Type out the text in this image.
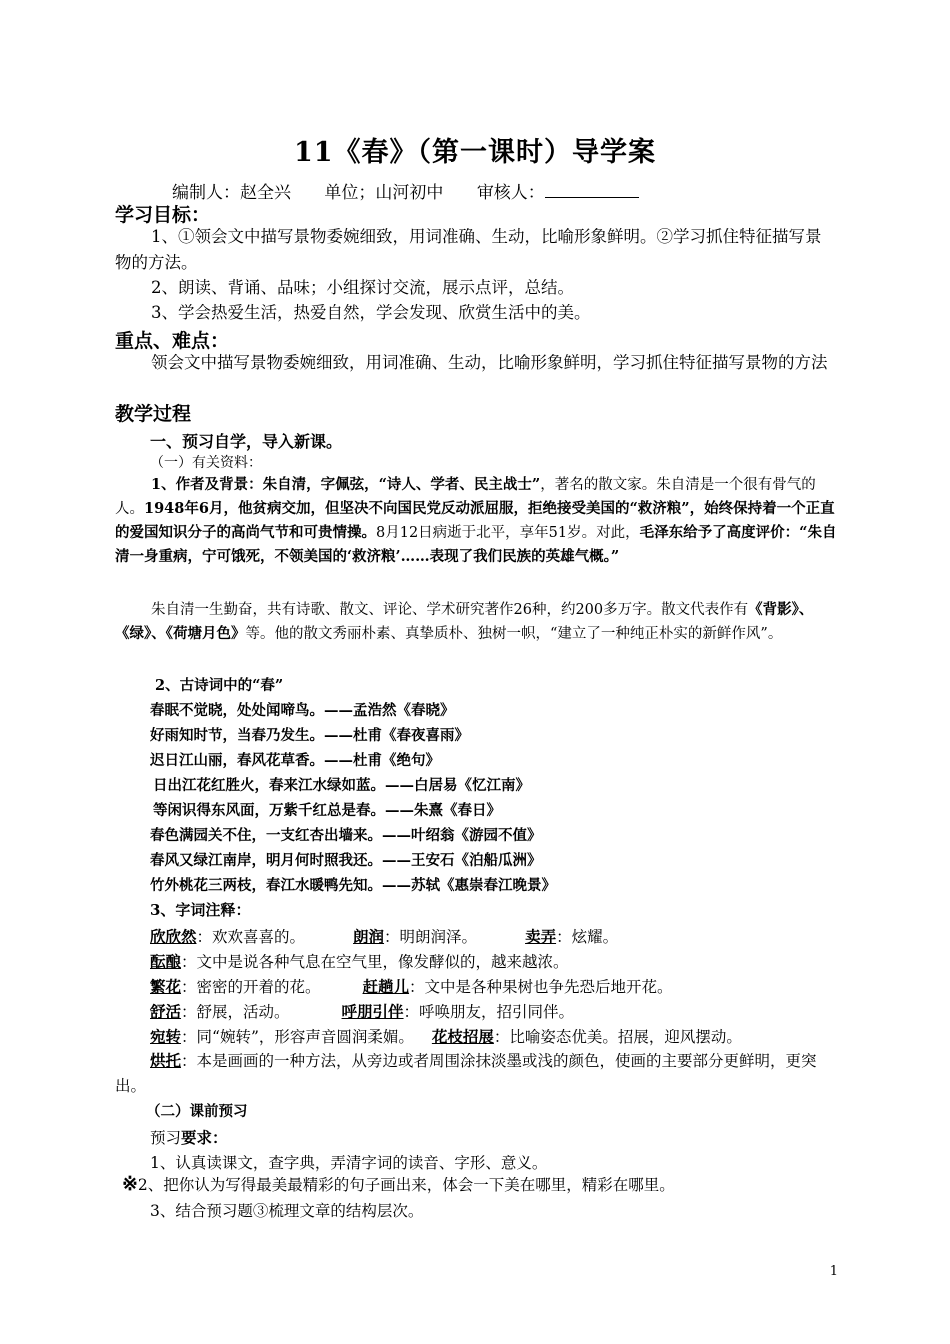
11《春》（第一课时）导学案
编制人：赵全兴 单位；山河初中 审核人：
学习目标：
1、①领会文中描写景物委婉细致，用词准确、生动，比喻形象鲜明。②学习抓住特征描写景物的方法。
2、朗读、背诵、品味；小组探讨交流，展示点评，总结。
3、学会热爱生活，热爱自然，学会发现、欣赏生活中的美。
重点、难点：
领会文中描写景物委婉细致，用词准确、生动，比喻形象鲜明，学习抓住特征描写景物的方法
教学过程
一、预习自学，导入新课。
（一）有关资料：
1、作者及背景：朱自清，字佩弦，“诗人、学者、民主战士”，著名的散文家。朱自清是一个很有骨气的人。1948年6月，他贫病交加，但坚决不向国民党反动派屈服，拒绝接受美国的“救济粮”，始终保持着一个正直的爱国知识分子的高尚气节和可贵情操。8月12日病逝于北平，享年51岁。对此，毛泽东给予了高度评价：“朱自清一身重病，宁可饿死，不领美国的‘救济粮’……表现了我们民族的英雄气概。”
朱自清一生勤奋，共有诗歌、散文、评论、学术研究著作26种，约200多万字。散文代表作有《背影》、《绿》、《荷塘月色》等。他的散文秀丽朴素、真挚质朴、独树一帜，“建立了一种纯正朴实的新鲜作风”。
2、古诗词中的“春”
春眠不觉晓，处处闻啼鸟。——孟浩然《春晓》
好雨知时节，当春乃发生。——杜甫《春夜喜雨》
迟日江山丽，春风花草香。——杜甫《绝句》
日出江花红胜火，春来江水绿如蓝。——白居易《忆江南》
等闲识得东风面，万紫千红总是春。——朱熹《春日》
春色满园关不住，一支红杏出墙来。——叶绍翁《游园不值》
春风又绿江南岸，明月何时照我还。——王安石《泊船瓜洲》
竹外桃花三两枝，春江水暖鸭先知。——苏轼《惠崇春江晚景》
3、字词注释：
欣欣然：欢欢喜喜的。	朗润：明朗润泽。	卖弄：炫耀。
酝酿：文中是说各种气息在空气里，像发酵似的，越来越浓。
繁花：密密的开着的花。	赶趟儿：文中是各种果树也争先恐后地开花。
舒活：舒展，活动。	呼朋引伴：呼唤朋友，招引同伴。
宛转：同“婉转”，形容声音圆润柔媚。 花枝招展：比喻姿态优美。招展，迎风摆动。
烘托：本是画画的一种方法，从旁边或者周围涂抹淡墨或浅的颜色，使画的主要部分更鲜明，更突出。
（二）课前预习
预习要求：
1、认真读课文，查字典，弄清字词的读音、字形、意义。
※2、把你认为写得最美最精彩的句子画出来，体会一下美在哪里，精彩在哪里。
3、结合预习题③梳理文章的结构层次。
1
